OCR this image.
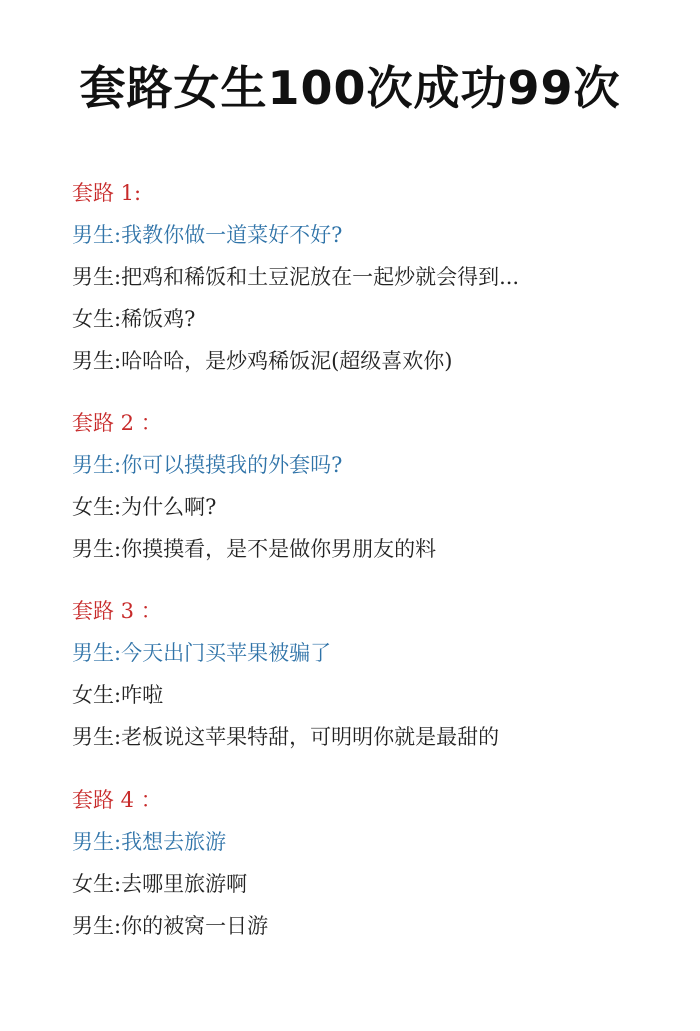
套路女生100次成功99次
套路 1:
男生:我教你做一道菜好不好?
男生:把鸡和稀饭和土豆泥放在一起炒就会得到...
女生:稀饭鸡?
男生:哈哈哈，是炒鸡稀饭泥(超级喜欢你)
套路 2 ：
男生:你可以摸摸我的外套吗?
女生:为什么啊?
男生:你摸摸看，是不是做你男朋友的料
套路 3 ：
男生:今天出门买苹果被骗了
女生:咋啦
男生:老板说这苹果特甜，可明明你就是最甜的
套路 4 ：
男生:我想去旅游
女生:去哪里旅游啊
男生:你的被窝一日游
